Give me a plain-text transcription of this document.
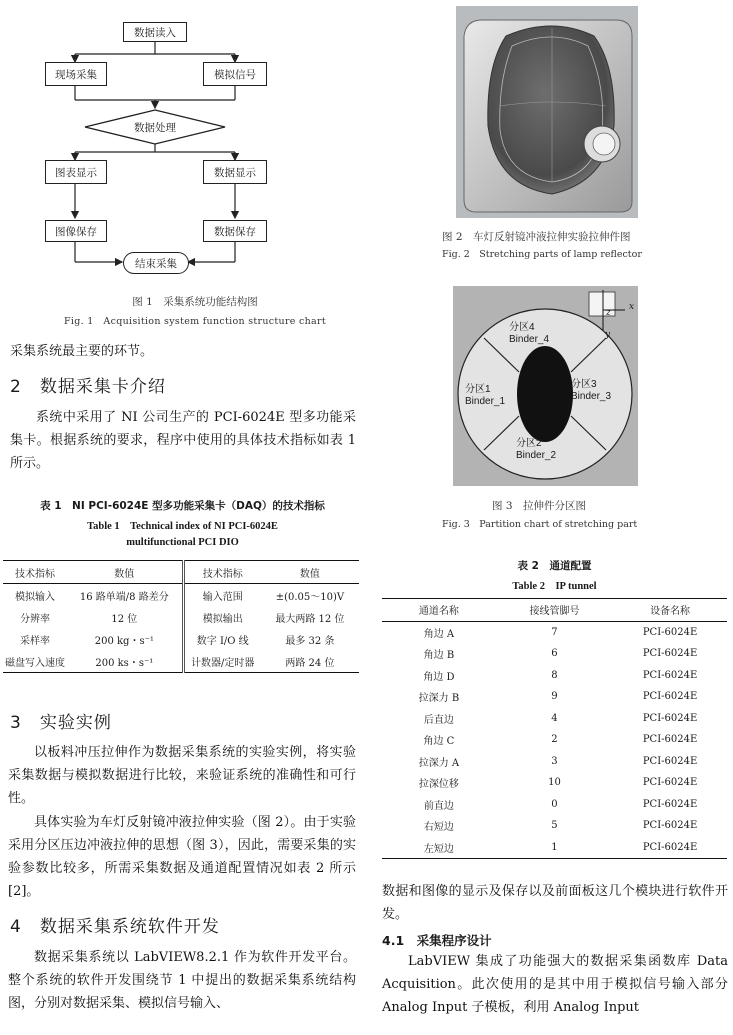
数据读入
现场采集	模拟信号
数据处理
图表显示	数据显示
图像保存	数据保存
结束采集
图 1　采集系统功能结构图
Fig. 1　Acquisition system function structure chart
采集系统最主要的环节。
2　数据采集卡介绍
系统中采用了 NI 公司生产的 PCI-6024E 型多功能采集卡。根据系统的要求，程序中使用的具体技术指标如表 1 所示。
表 1　NI PCI-6024E 型多功能采集卡（DAQ）的技术指标
Table 1　Technical index of NI PCI-6024E
multifunctional PCI DIO
技术指标	数值	技术指标	数值
模拟输入	16 路单端/8 路差分	输入范围	±(0.05～10)V
分辨率	12 位	模拟输出	最大两路 12 位
采样率	200 kg・s⁻¹	数字 I/O 线	最多 32 条
磁盘写入速度	200 ks・s⁻¹	计数器/定时器	两路 24 位
3　实验实例
以板料冲压拉伸作为数据采集系统的实验实例，将实验采集数据与模拟数据进行比较，来验证系统的准确性和可行性。
具体实验为车灯反射镜冲液拉伸实验（图 2）。由于实验采用分区压边冲液拉伸的思想（图 3），因此，需要采集的实验参数比较多，所需采集数据及通道配置情况如表 2 所示[2]。
4　数据采集系统软件开发
数据采集系统以 LabVIEW8.2.1 作为软件开发平台。整个系统的软件开发围绕节 1 中提出的数据采集系统结构图，分别对数据采集、模拟信号输入、
图 2　车灯反射镜冲液拉伸实验拉伸件图
Fig. 2　Stretching parts of lamp reflector
z
x
y
分区4
Binder_4
分区1
Binder_1
分区3
Binder_3
分区2
Binder_2
图 3　拉伸件分区图
Fig. 3　Partition chart of stretching part
表 2　通道配置
Table 2　IP tunnel
通道名称	接线管脚号	设备名称
角边 A	7	PCI-6024E
角边 B	6	PCI-6024E
角边 D	8	PCI-6024E
拉深力 B	9	PCI-6024E
后直边	4	PCI-6024E
角边 C	2	PCI-6024E
拉深力 A	3	PCI-6024E
拉深位移	10	PCI-6024E
前直边	0	PCI-6024E
右短边	5	PCI-6024E
左短边	1	PCI-6024E
数据和图像的显示及保存以及前面板这几个模块进行软件开发。
4.1　采集程序设计
LabVIEW 集成了功能强大的数据采集函数库 Data Acquisition。此次使用的是其中用于模拟信号输入部分 Analog Input 子模板，利用 Analog Input
